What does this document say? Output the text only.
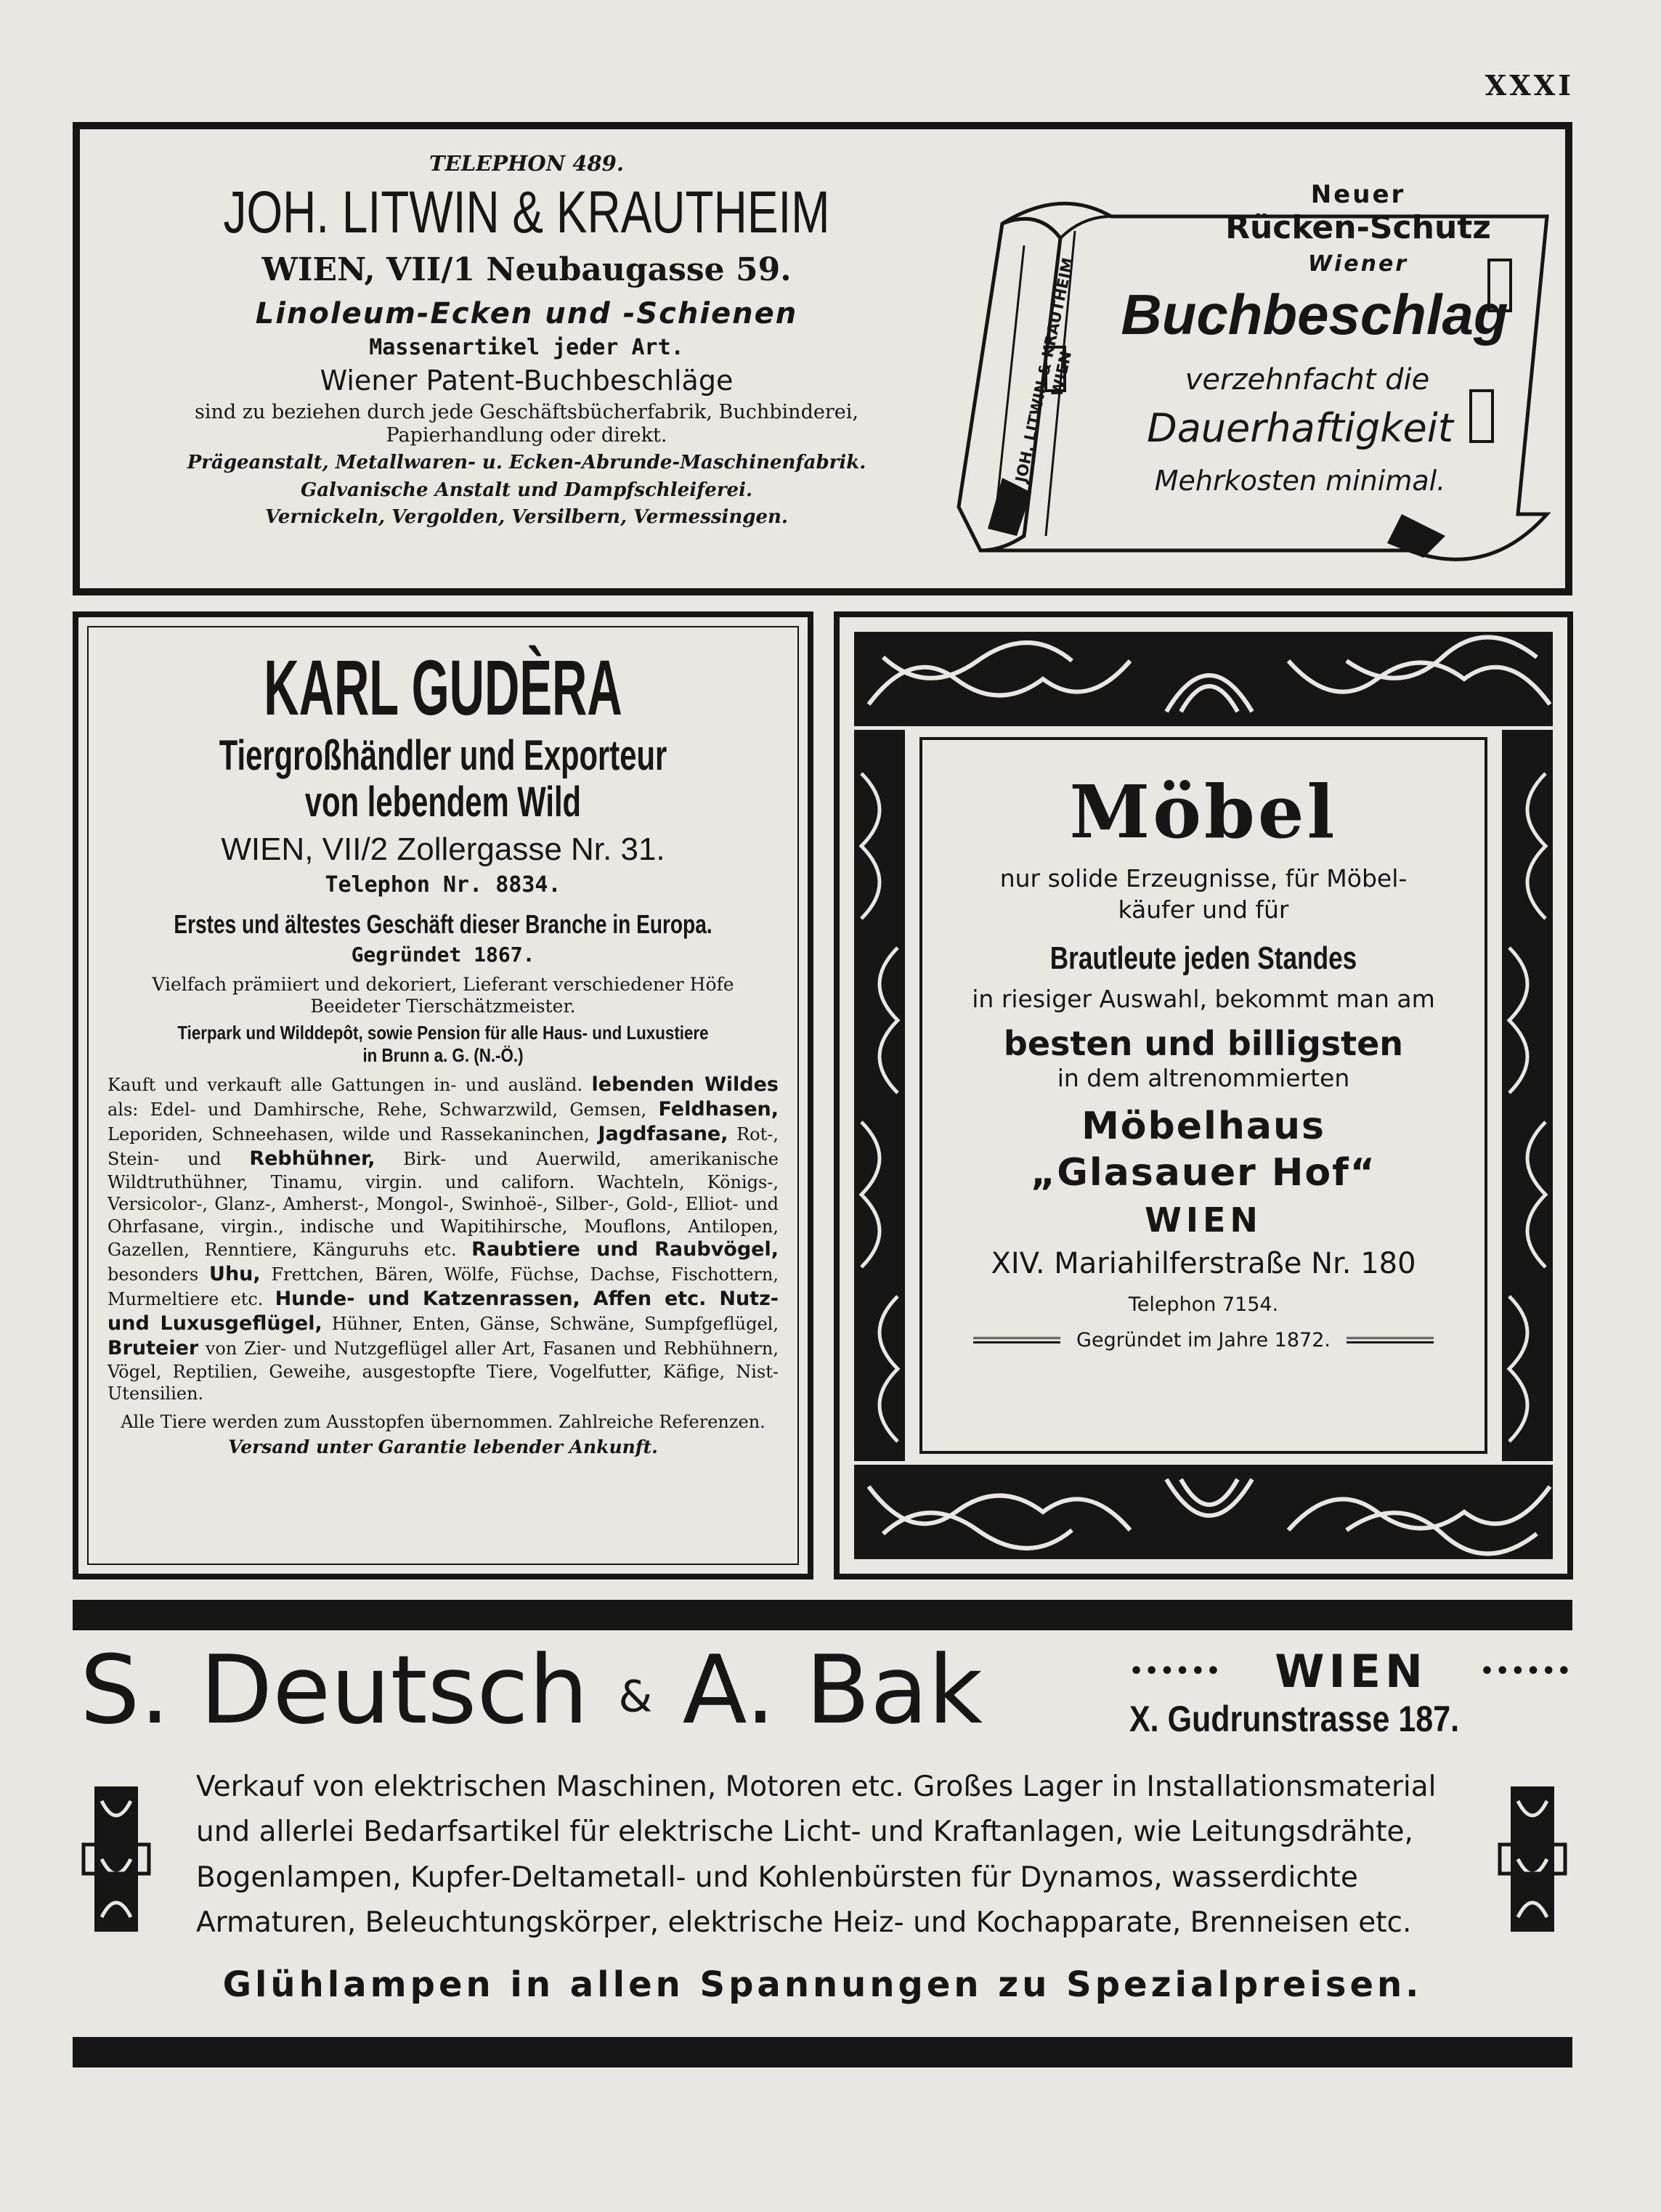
XXXI
TELEPHON 489.
JOH. LITWIN & KRAUTHEIM
WIEN, VII/1 Neubaugasse 59.
Linoleum-Ecken und -Schienen
Massenartikel jeder Art.
Wiener Patent-Buchbeschläge
sind zu beziehen durch jede Geschäftsbücherfabrik, Buchbinderei,
Papierhandlung oder direkt.
Prägeanstalt, Metallwaren- u. Ecken-Abrunde-Maschinenfabrik.
Galvanische Anstalt und Dampfschleiferei.
Vernickeln, Vergolden, Versilbern, Vermessingen.
Neuer
Rücken-Schutz
Wiener
Buchbeschlag
verzehnfacht die
Dauerhaftigkeit
Mehrkosten minimal.
JOH. LITWIN & KRAUTHEIM WIEN
KARL GUDÈRA
Tiergroßhändler und Exporteur
von lebendem Wild
WIEN, VII/2 Zollergasse Nr. 31.
Telephon Nr. 8834.
Erstes und ältestes Geschäft dieser Branche in Europa.
Gegründet 1867.
Vielfach prämiiert und dekoriert, Lieferant verschiedener Höfe
Beeideter Tierschätzmeister.
Tierpark und Wilddepôt, sowie Pension für alle Haus- und Luxustiere
in Brunn a. G. (N.-Ö.)
Kauft und verkauft alle Gattungen in- und ausländ. lebenden Wildes als: Edel- und Damhirsche, Rehe, Schwarzwild, Gemsen, Feldhasen, Leporiden, Schneehasen, wilde und Rassekaninchen, Jagdfasane, Rot-, Stein- und Rebhühner, Birk- und Auerwild, amerikanische Wildtruthühner, Tinamu, virgin. und californ. Wachteln, Königs-, Versicolor-, Glanz-, Amherst-, Mongol-, Swinhoë-, Silber-, Gold-, Elliot- und Ohrfasane, virgin., indische und Wapitihirsche, Mouflons, Antilopen, Gazellen, Renntiere, Känguruhs etc. Raubtiere und Raubvögel, besonders Uhu, Frettchen, Bären, Wölfe, Füchse, Dachse, Fischottern, Murmeltiere etc. Hunde- und Katzenrassen, Affen etc. Nutz- und Luxusgeflügel, Hühner, Enten, Gänse, Schwäne, Sumpfgeflügel, Bruteier von Zier- und Nutzgeflügel aller Art, Fasanen und Rebhühnern, Vögel, Reptilien, Geweihe, ausgestopfte Tiere, Vogelfutter, Käfige, Nist-Utensilien.
Alle Tiere werden zum Ausstopfen übernommen. Zahlreiche Referenzen.
Versand unter Garantie lebender Ankunft.
Möbel
nur solide Erzeugnisse, für Möbel-
käufer und für
Brautleute jeden Standes
in riesiger Auswahl, bekommt man am
besten und billigsten
in dem altrenommierten
Möbelhaus
„Glasauer Hof“
WIEN
XIV. Mariahilferstraße Nr. 180
Telephon 7154.
Gegründet im Jahre 1872.
S. Deutsch & A. Bak	•••••• WIEN ••••••
X. Gudrunstrasse 187.
Verkauf von elektrischen Maschinen, Motoren etc. Großes Lager in Installationsmaterial
und allerlei Bedarfsartikel für elektrische Licht- und Kraftanlagen, wie Leitungsdrähte,
Bogenlampen, Kupfer-Deltametall- und Kohlenbürsten für Dynamos, wasserdichte
Armaturen, Beleuchtungskörper, elektrische Heiz- und Kochapparate, Brenneisen etc.
Glühlampen in allen Spannungen zu Spezialpreisen.
